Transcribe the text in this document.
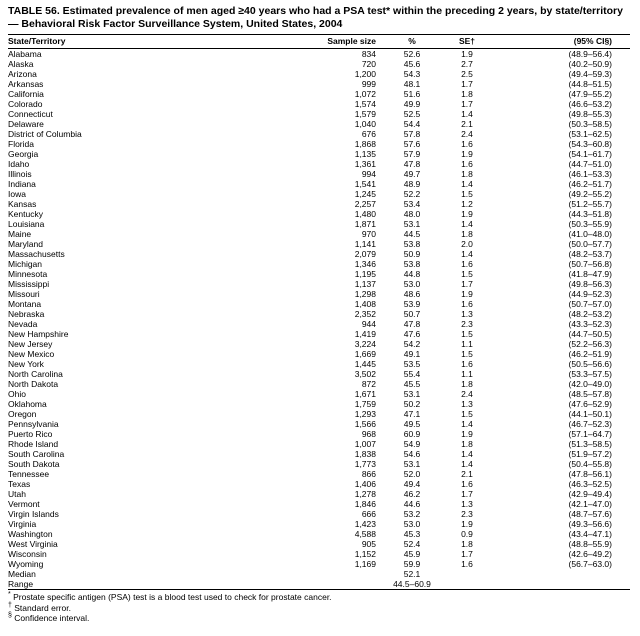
TABLE 56. Estimated prevalence of men aged ≥40 years who had a PSA test* within the preceding 2 years, by state/territory — Behavioral Risk Factor Surveillance System, United States, 2004
State/Territory	Sample size	%	SE†	(95% CI§)
Alabama	834	52.6	1.9	(48.9–56.4)
Alaska	720	45.6	2.7	(40.2–50.9)
Arizona	1,200	54.3	2.5	(49.4–59.3)
Arkansas	999	48.1	1.7	(44.8–51.5)
California	1,072	51.6	1.8	(47.9–55.2)
Colorado	1,574	49.9	1.7	(46.6–53.2)
Connecticut	1,579	52.5	1.4	(49.8–55.3)
Delaware	1,040	54.4	2.1	(50.3–58.5)
District of Columbia	676	57.8	2.4	(53.1–62.5)
Florida	1,868	57.6	1.6	(54.3–60.8)
Georgia	1,135	57.9	1.9	(54.1–61.7)
Idaho	1,361	47.8	1.6	(44.7–51.0)
Illinois	994	49.7	1.8	(46.1–53.3)
Indiana	1,541	48.9	1.4	(46.2–51.7)
Iowa	1,245	52.2	1.5	(49.2–55.2)
Kansas	2,257	53.4	1.2	(51.2–55.7)
Kentucky	1,480	48.0	1.9	(44.3–51.8)
Louisiana	1,871	53.1	1.4	(50.3–55.9)
Maine	970	44.5	1.8	(41.0–48.0)
Maryland	1,141	53.8	2.0	(50.0–57.7)
Massachusetts	2,079	50.9	1.4	(48.2–53.7)
Michigan	1,346	53.8	1.6	(50.7–56.8)
Minnesota	1,195	44.8	1.5	(41.8–47.9)
Mississippi	1,137	53.0	1.7	(49.8–56.3)
Missouri	1,298	48.6	1.9	(44.9–52.3)
Montana	1,408	53.9	1.6	(50.7–57.0)
Nebraska	2,352	50.7	1.3	(48.2–53.2)
Nevada	944	47.8	2.3	(43.3–52.3)
New Hampshire	1,419	47.6	1.5	(44.7–50.5)
New Jersey	3,224	54.2	1.1	(52.2–56.3)
New Mexico	1,669	49.1	1.5	(46.2–51.9)
New York	1,445	53.5	1.6	(50.5–56.6)
North Carolina	3,502	55.4	1.1	(53.3–57.5)
North Dakota	872	45.5	1.8	(42.0–49.0)
Ohio	1,671	53.1	2.4	(48.5–57.8)
Oklahoma	1,759	50.2	1.3	(47.6–52.9)
Oregon	1,293	47.1	1.5	(44.1–50.1)
Pennsylvania	1,566	49.5	1.4	(46.7–52.3)
Puerto Rico	968	60.9	1.9	(57.1–64.7)
Rhode Island	1,007	54.9	1.8	(51.3–58.5)
South Carolina	1,838	54.6	1.4	(51.9–57.2)
South Dakota	1,773	53.1	1.4	(50.4–55.8)
Tennessee	866	52.0	2.1	(47.8–56.1)
Texas	1,406	49.4	1.6	(46.3–52.5)
Utah	1,278	46.2	1.7	(42.9–49.4)
Vermont	1,846	44.6	1.3	(42.1–47.0)
Virgin Islands	666	53.2	2.3	(48.7–57.6)
Virginia	1,423	53.0	1.9	(49.3–56.6)
Washington	4,588	45.3	0.9	(43.4–47.1)
West Virginia	905	52.4	1.8	(48.8–55.9)
Wisconsin	1,152	45.9	1.7	(42.6–49.2)
Wyoming	1,169	59.9	1.6	(56.7–63.0)
Median		52.1		
Range		44.5–60.9		
* Prostate specific antigen (PSA) test is a blood test used to check for prostate cancer.
† Standard error.
§ Confidence interval.
